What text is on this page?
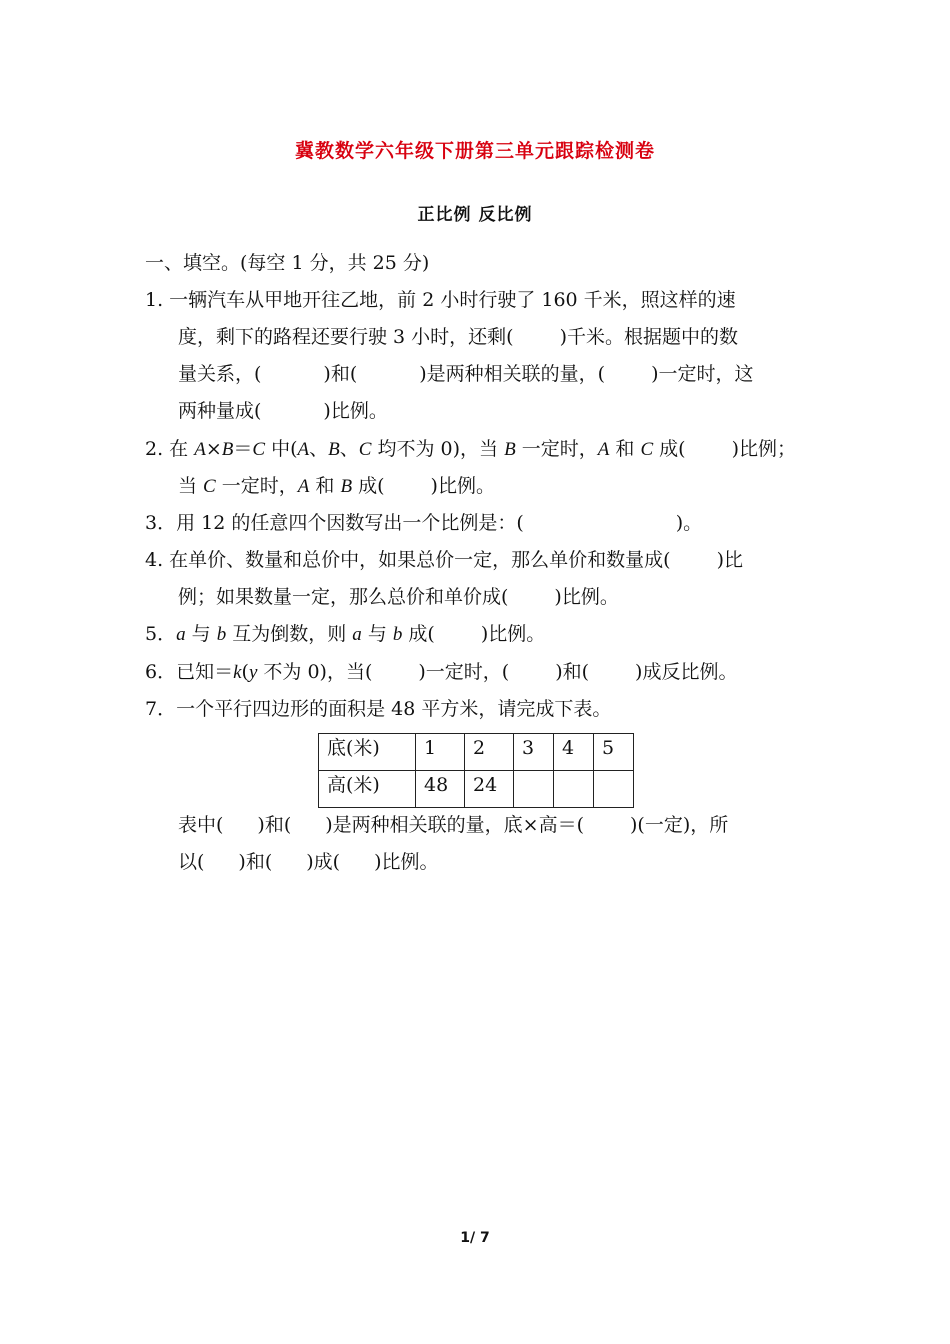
冀教数学六年级下册第三单元跟踪检测卷
正比例 反比例
一、填空。(每空 1 分，共 25 分)
1. 一辆汽车从甲地开往乙地，前 2 小时行驶了 160 千米，照这样的速
度，剩下的路程还要行驶 3 小时，还剩( )千米。根据题中的数
量关系，(	)和(	)是两种相关联的量，( )一定时，这
两种量成(	)比例。
2. 在 A×B＝C 中(A、B、C 均不为 0)，当 B 一定时，A 和 C 成( )比例；
当 C 一定时，A 和 B 成( )比例。
3．用 12 的任意四个因数写出一个比例是：(	)。
4. 在单价、数量和总价中，如果总价一定，那么单价和数量成( )比
例；如果数量一定，那么总价和单价成( )比例。
5．a 与 b 互为倒数，则 a 与 b 成( )比例。
6．已知＝k(y 不为 0)，当( )一定时，( )和( )成反比例。
7．一个平行四边形的面积是 48 平方米，请完成下表。
底(米)	1	2	3	4	5
高(米)	48	24			
表中( )和( )是两种相关联的量，底×高＝( )(一定)，所
以( )和( )成( )比例。
1/ 7
